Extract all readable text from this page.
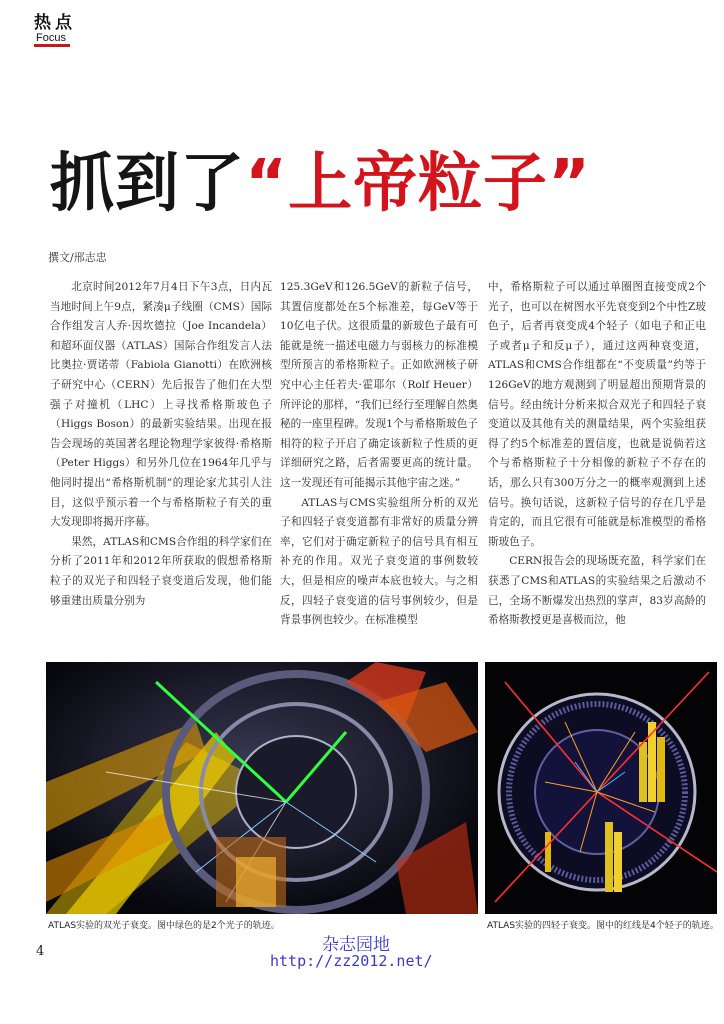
热点
Focus
抓到了“上帝粒子”
撰文/邢志忠

北京时间2012年7月4日下午3点，日内瓦当地时间上午9点，紧凑μ子线圈（CMS）国际合作组发言人乔·因坎德拉（Joe Incandela）和超环面仪器（ATLAS）国际合作组发言人法比奥拉·贾诺蒂（Fabiola Gianotti）在欧洲核子研究中心（CERN）先后报告了他们在大型强子对撞机（LHC）上寻找希格斯玻色子（Higgs Boson）的最新实验结果。出现在报告会现场的英国著名理论物理学家彼得·希格斯（Peter Higgs）和另外几位在1964年几乎与他同时提出“希格斯机制”的理论家尤其引人注目，这似乎预示着一个与希格斯粒子有关的重大发现即将揭开序幕。

果然，ATLAS和CMS合作组的科学家们在分析了2011年和2012年所获取的假想希格斯粒子的双光子和四轻子衰变道后发现，他们能够重建出质量分别为

125.3GeV和126.5GeV的新粒子信号，其置信度都处在5个标准差，每GeV等于10亿电子伏。这很质量的新玻色子最有可能就是统一描述电磁力与弱核力的标准模型所预言的希格斯粒子。正如欧洲核子研究中心主任若夫·霍耶尔（Rolf Heuer）所评论的那样，“我们已经行至理解自然奥秘的一座里程碑。发现1个与希格斯玻色子相符的粒子开启了确定该新粒子性质的更详细研究之路，后者需要更高的统计量。这一发现还有可能揭示其他宇宙之迷。”

ATLAS与CMS实验组所分析的双光子和四轻子衰变道都有非常好的质量分辨率，它们对于确定新粒子的信号具有相互补充的作用。双光子衰变道的事例数较大，但是相应的噪声本底也较大。与之相反，四轻子衰变道的信号事例较少，但是背景事例也较少。在标准模型

中，希格斯粒子可以通过单圈图直接变成2个光子，也可以在树图水平先衰变到2个中性Z玻色子，后者再衰变成4个轻子（如电子和正电子或者μ子和反μ子），通过这两种衰变道，ATLAS和CMS合作组都在“不变质量”约等于126GeV的地方观测到了明显超出预期背景的信号。经由统计分析来拟合双光子和四轻子衰变道以及其他有关的测量结果，两个实验组获得了约5个标准差的置信度，也就是说倘若这个与希格斯粒子十分相像的新粒子不存在的话，那么只有300万分之一的概率观测到上述信号。换句话说，这新粒子信号的存在几乎是肯定的，而且它很有可能就是标准模型的希格斯玻色子。

CERN报告会的现场既充盈，科学家们在获悉了CMS和ATLAS的实验结果之后激动不已，全场不断爆发出热烈的掌声，83岁高龄的希格斯教授更是喜极而泣，他

ATLAS实验的双光子衰变。图中绿色的是2个光子的轨迹。	ATLAS实验的四轻子衰变。图中的红线是4个轻子的轨迹。
4	杂志园地
http://zz2012.net/
